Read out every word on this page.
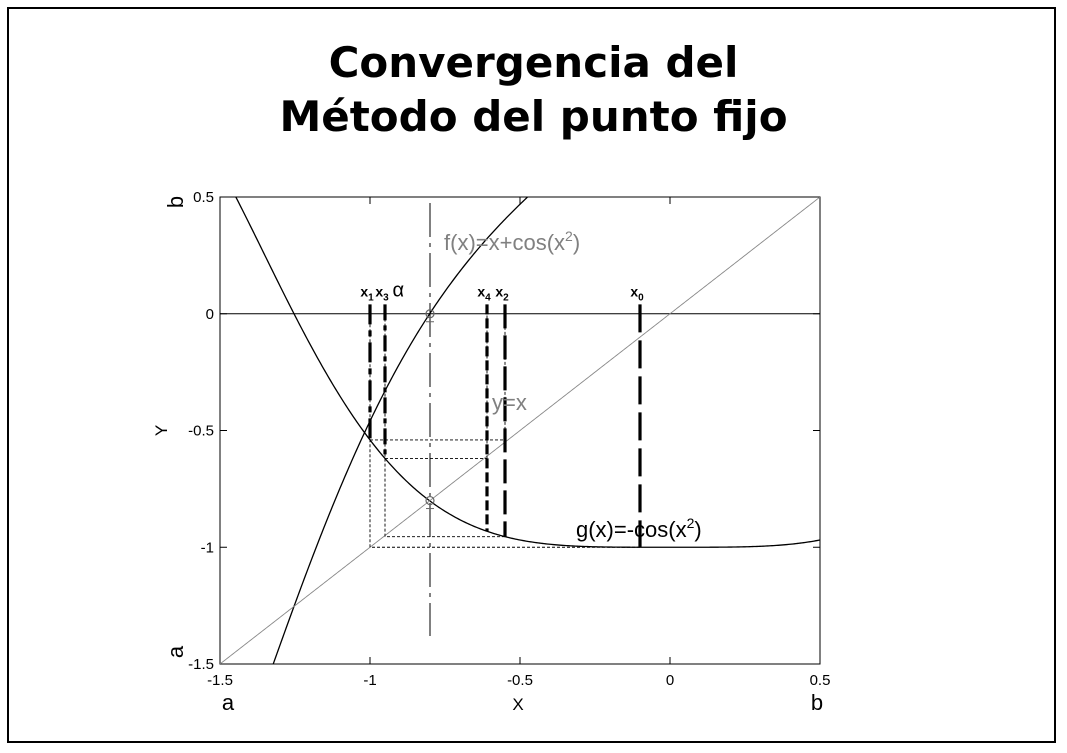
Convergencia del
Método del punto fijo
-1.5	-1	-0.5	0	0.5
0.5
0
-0.5
-1
-1.5
X
Y
a	b
a
b
$x_0$
$x_1$	$x_2$
$x_3$	$x_4$
α
$f(x)=x+\cos(x^2)$
$g(x)=-\cos(x^2)$
y=x
